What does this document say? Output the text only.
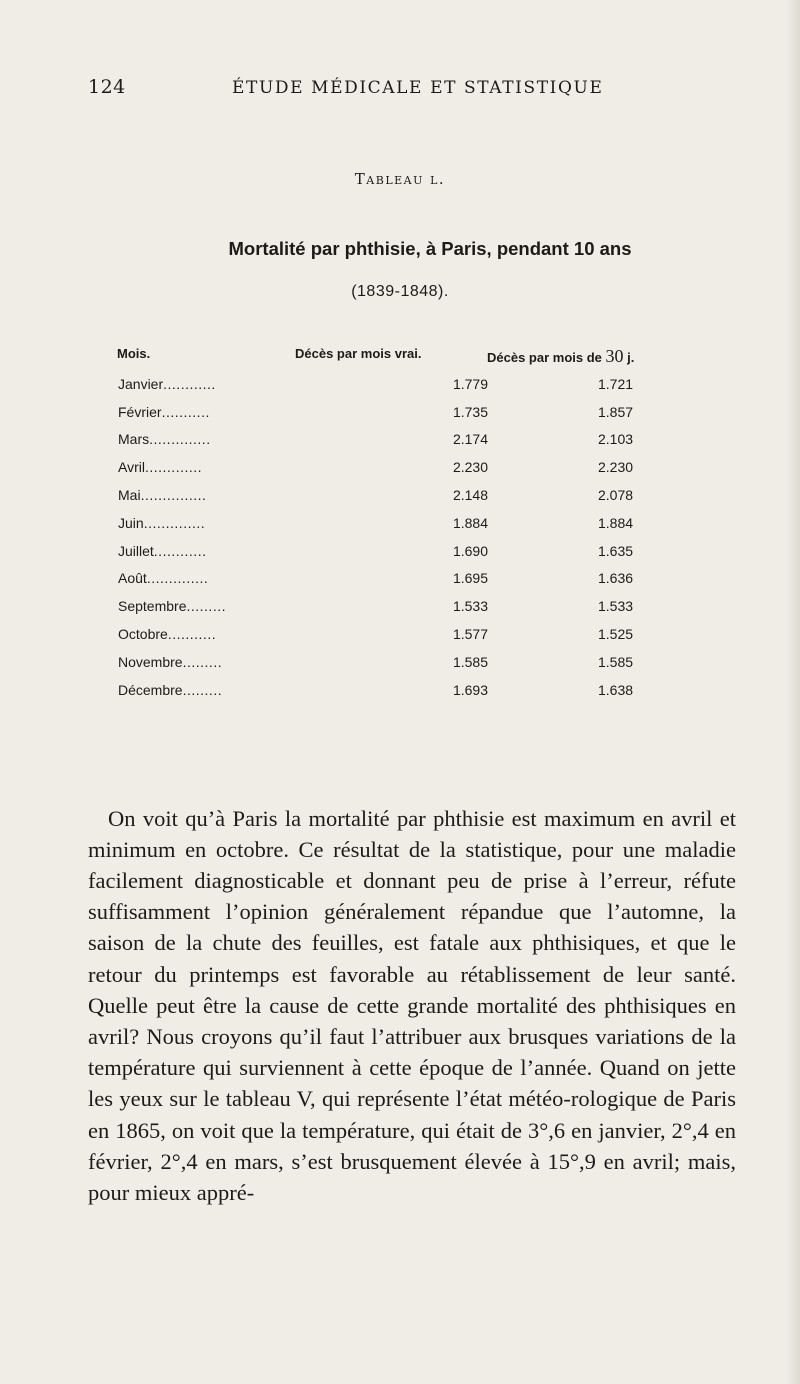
124	ÉTUDE MÉDICALE ET STATISTIQUE
Tableau l.
Mortalité par phthisie, à Paris, pendant 10 ans
(1839-1848).
Mois.	Décès par mois vrai.	Décès par mois de 30 j.
Janvier............	1.779	1.721
Février...........	1.735	1.857
Mars..............	2.174	2.103
Avril.............	2.230	2.230
Mai...............	2.148	2.078
Juin..............	1.884	1.884
Juillet............	1.690	1.635
Août..............	1.695	1.636
Septembre.........	1.533	1.533
Octobre...........	1.577	1.525
Novembre.........	1.585	1.585
Décembre.........	1.693	1.638

On voit qu’à Paris la mortalité par phthisie est maximum en avril et minimum en octobre. Ce résultat de la statistique, pour une maladie facilement diagnosticable et donnant peu de prise à l’erreur, réfute suffisamment l’opinion généralement répandue que l’automne, la saison de la chute des feuilles, est fatale aux phthisiques, et que le retour du printemps est favorable au rétablissement de leur santé. Quelle peut être la cause de cette grande mortalité des phthisiques en avril? Nous croyons qu’il faut l’attribuer aux brusques variations de la température qui surviennent à cette époque de l’année. Quand on jette les yeux sur le tableau V, qui représente l’état météo-rologique de Paris en 1865, on voit que la température, qui était de 3°,6 en janvier, 2°,4 en février, 2°,4 en mars, s’est brusquement élevée à 15°,9 en avril; mais, pour mieux appré-
